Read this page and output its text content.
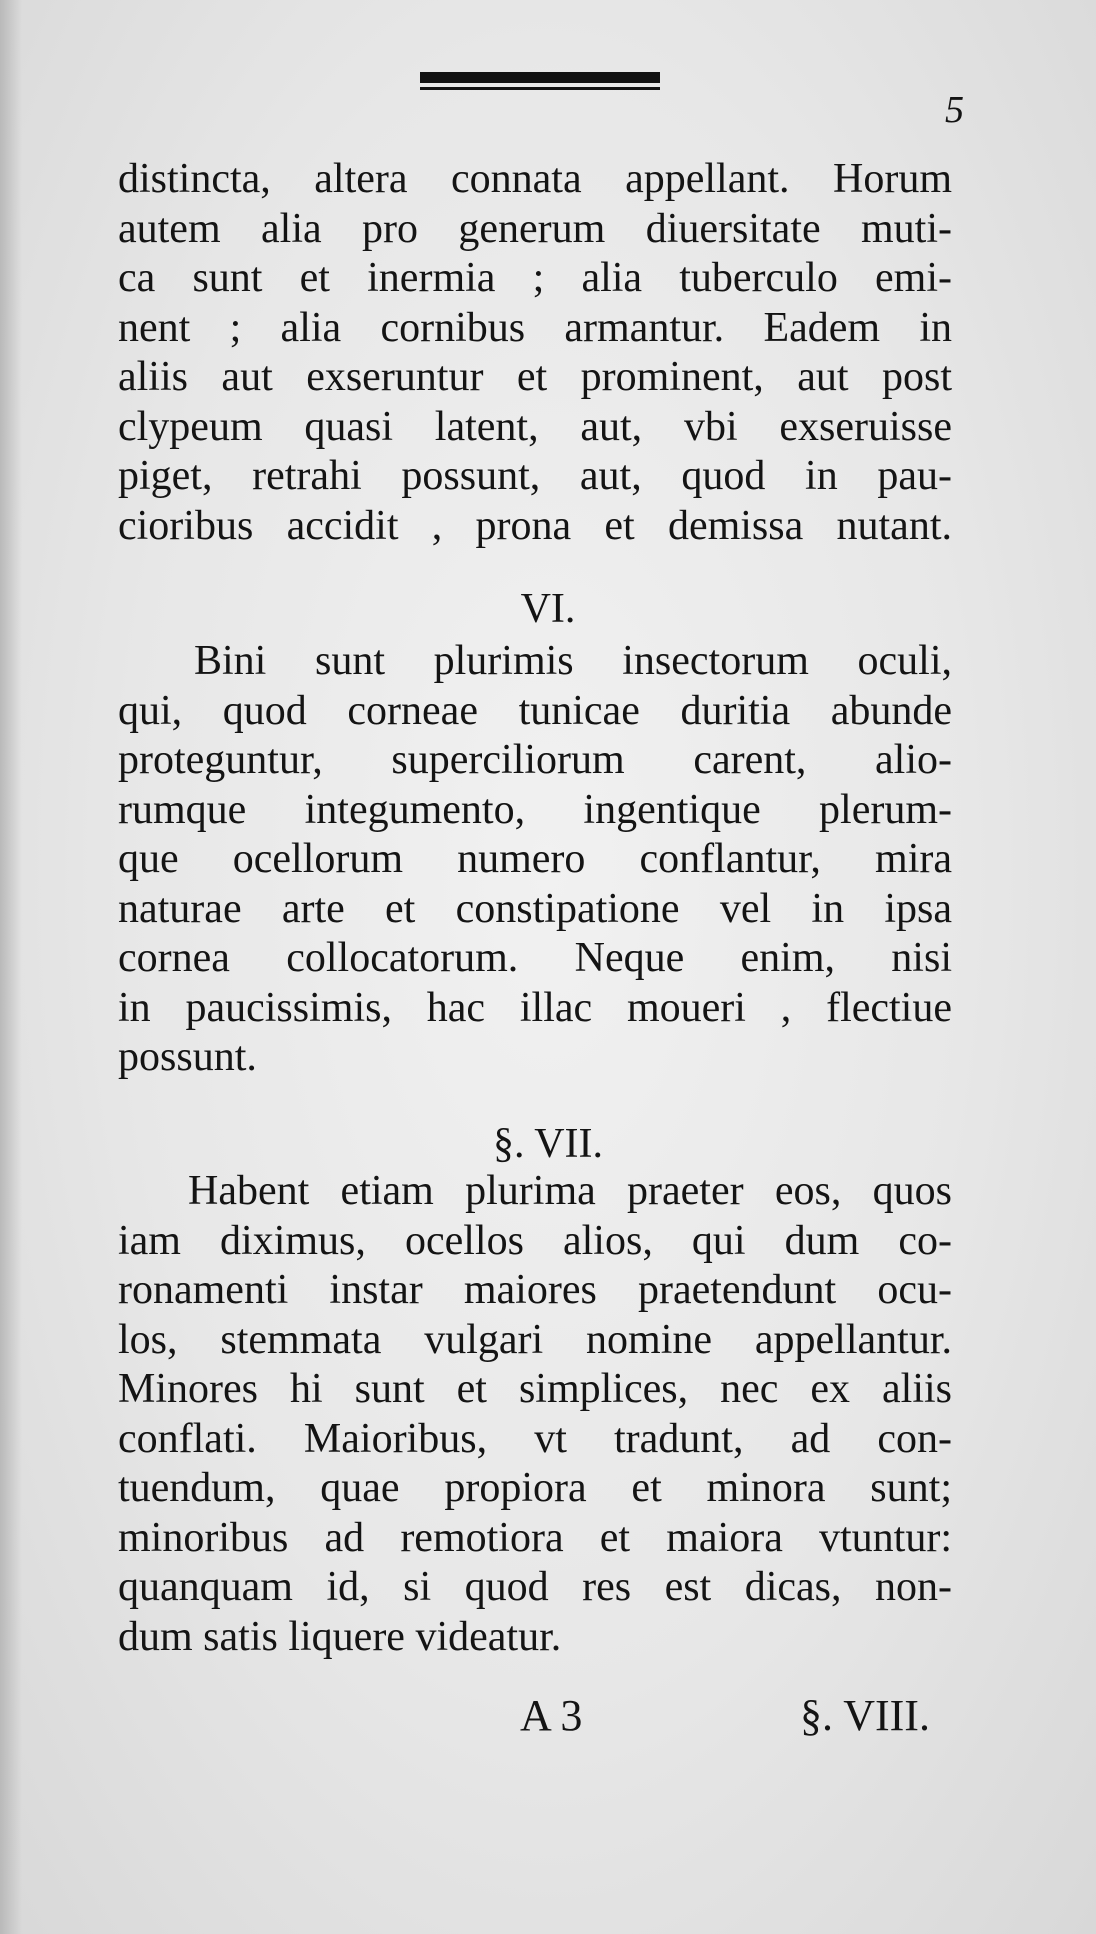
5
distincta, altera connata appellant. Horum
autem alia pro generum diuersitate muti-
ca sunt et inermia ; alia tuberculo emi-
nent ; alia cornibus armantur. Eadem in
aliis aut exseruntur et prominent, aut post
clypeum quasi latent, aut, vbi exseruisse
piget, retrahi possunt, aut, quod in pau-
cioribus accidit , prona et demissa nutant.
VI.
Bini sunt plurimis insectorum oculi,
qui, quod corneae tunicae duritia abunde
proteguntur, superciliorum carent, alio-
rumque integumento, ingentique plerum-
que ocellorum numero conflantur, mira
naturae arte et constipatione vel in ipsa
cornea collocatorum. Neque enim, nisi
in paucissimis, hac illac moueri , flectiue
possunt.
§. VII.
Habent etiam plurima praeter eos, quos
iam diximus, ocellos alios, qui dum co-
ronamenti instar maiores praetendunt ocu-
los, stemmata vulgari nomine appellantur.
Minores hi sunt et simplices, nec ex aliis
conflati. Maioribus, vt tradunt, ad con-
tuendum, quae propiora et minora sunt;
minoribus ad remotiora et maiora vtuntur:
quanquam id, si quod res est dicas, non-
dum satis liquere videatur.
A 3	§. VIII.
